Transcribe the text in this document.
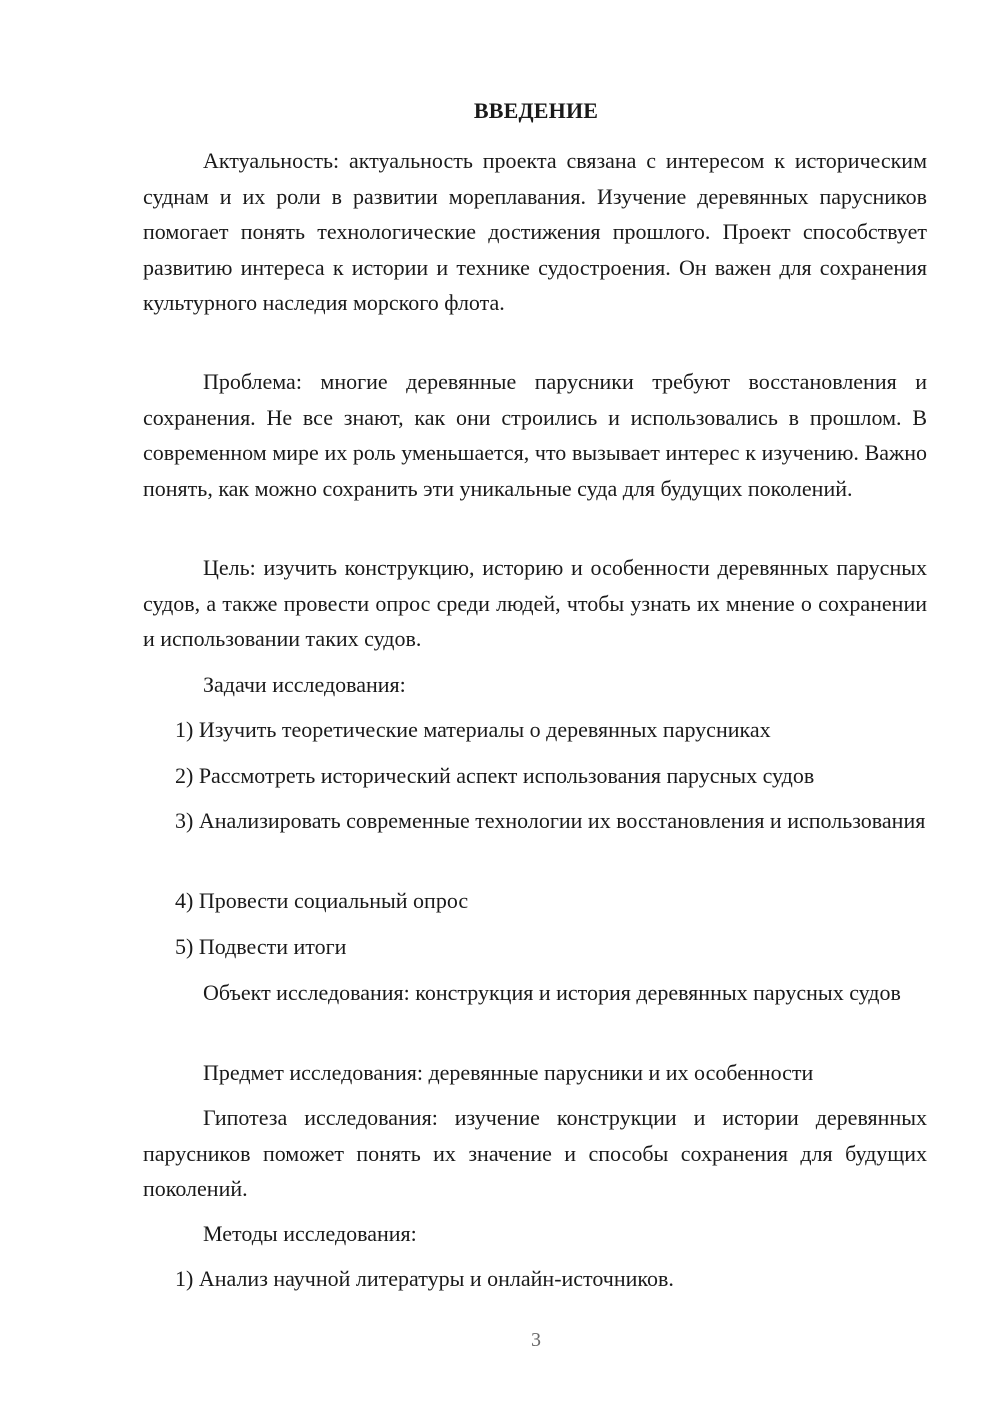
ВВЕДЕНИЕ

Актуальность: актуальность проекта связана с интересом к историческим суднам и их роли в развитии мореплавания. Изучение деревянных парусников помогает понять технологические достижения прошлого. Проект способствует развитию интереса к истории и технике судостроения. Он важен для сохранения культурного наследия морского флота.

Проблема: многие деревянные парусники требуют восстановления и сохранения. Не все знают, как они строились и использовались в прошлом. В современном мире их роль уменьшается, что вызывает интерес к изучению. Важно понять, как можно сохранить эти уникальные суда для будущих поколений.

Цель: изучить конструкцию, историю и особенности деревянных парусных судов, а также провести опрос среди людей, чтобы узнать их мнение о сохранении и использовании таких судов.

Задачи исследования:

1) Изучить теоретические материалы о деревянных парусниках

2) Рассмотреть исторический аспект использования парусных судов

3) Анализировать современные технологии их восстановления и использования

4) Провести социальный опрос

5) Подвести итоги

Объект исследования: конструкция и история деревянных парусных судов

Предмет исследования: деревянные парусники и их особенности

Гипотеза исследования: изучение конструкции и истории деревянных парусников поможет понять их значение и способы сохранения для будущих поколений.

Методы исследования:

1) Анализ научной литературы и онлайн-источников.

3
